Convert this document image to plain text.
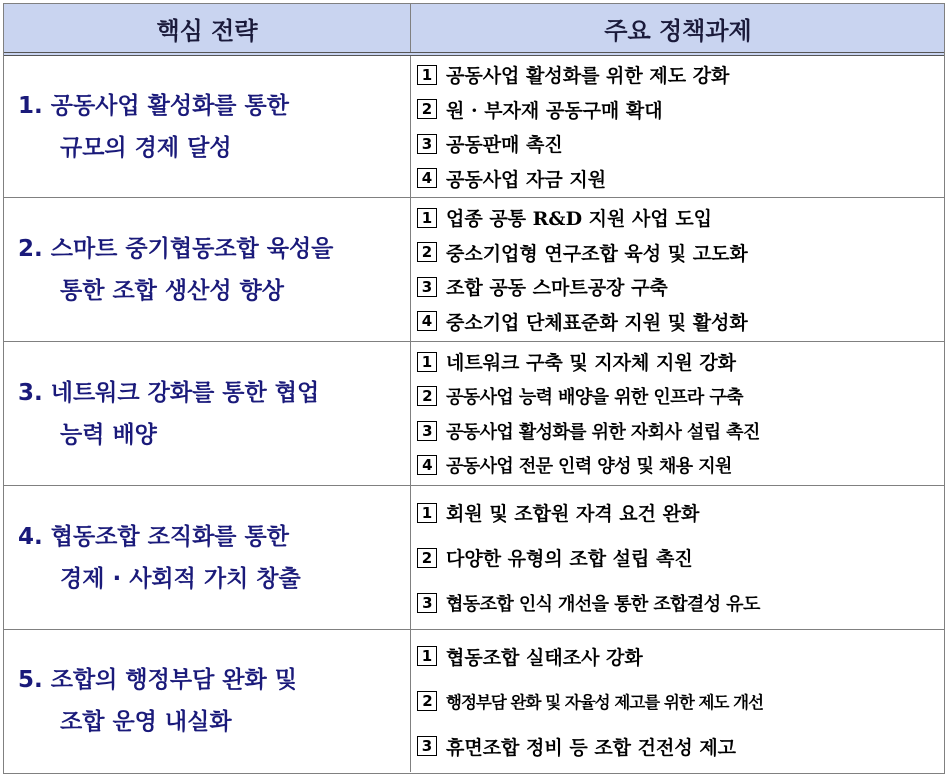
핵심 전략	주요 정책과제
1. 공동사업 활성화를 통한
규모의 경제 달성
1 공동사업 활성화를 위한 제도 강화
2 원 · 부자재 공동구매 확대
3 공동판매 촉진
4 공동사업 자금 지원
2. 스마트 중기협동조합 육성을
통한 조합 생산성 향상
1 업종 공통 R&D 지원 사업 도입
2 중소기업형 연구조합 육성 및 고도화
3 조합 공동 스마트공장 구축
4 중소기업 단체표준화 지원 및 활성화
3. 네트워크 강화를 통한 협업
능력 배양
1 네트워크 구축 및 지자체 지원 강화
2 공동사업 능력 배양을 위한 인프라 구축
3 공동사업 활성화를 위한 자회사 설립 촉진
4 공동사업 전문 인력 양성 및 채용 지원
4. 협동조합 조직화를 통한
경제 · 사회적 가치 창출
1 회원 및 조합원 자격 요건 완화
2 다양한 유형의 조합 설립 촉진
3 협동조합 인식 개선을 통한 조합결성 유도
5. 조합의 행정부담 완화 및
조합 운영 내실화
1 협동조합 실태조사 강화
2 행정부담 완화 및 자율성 제고를 위한 제도 개선
3 휴면조합 정비 등 조합 건전성 제고
